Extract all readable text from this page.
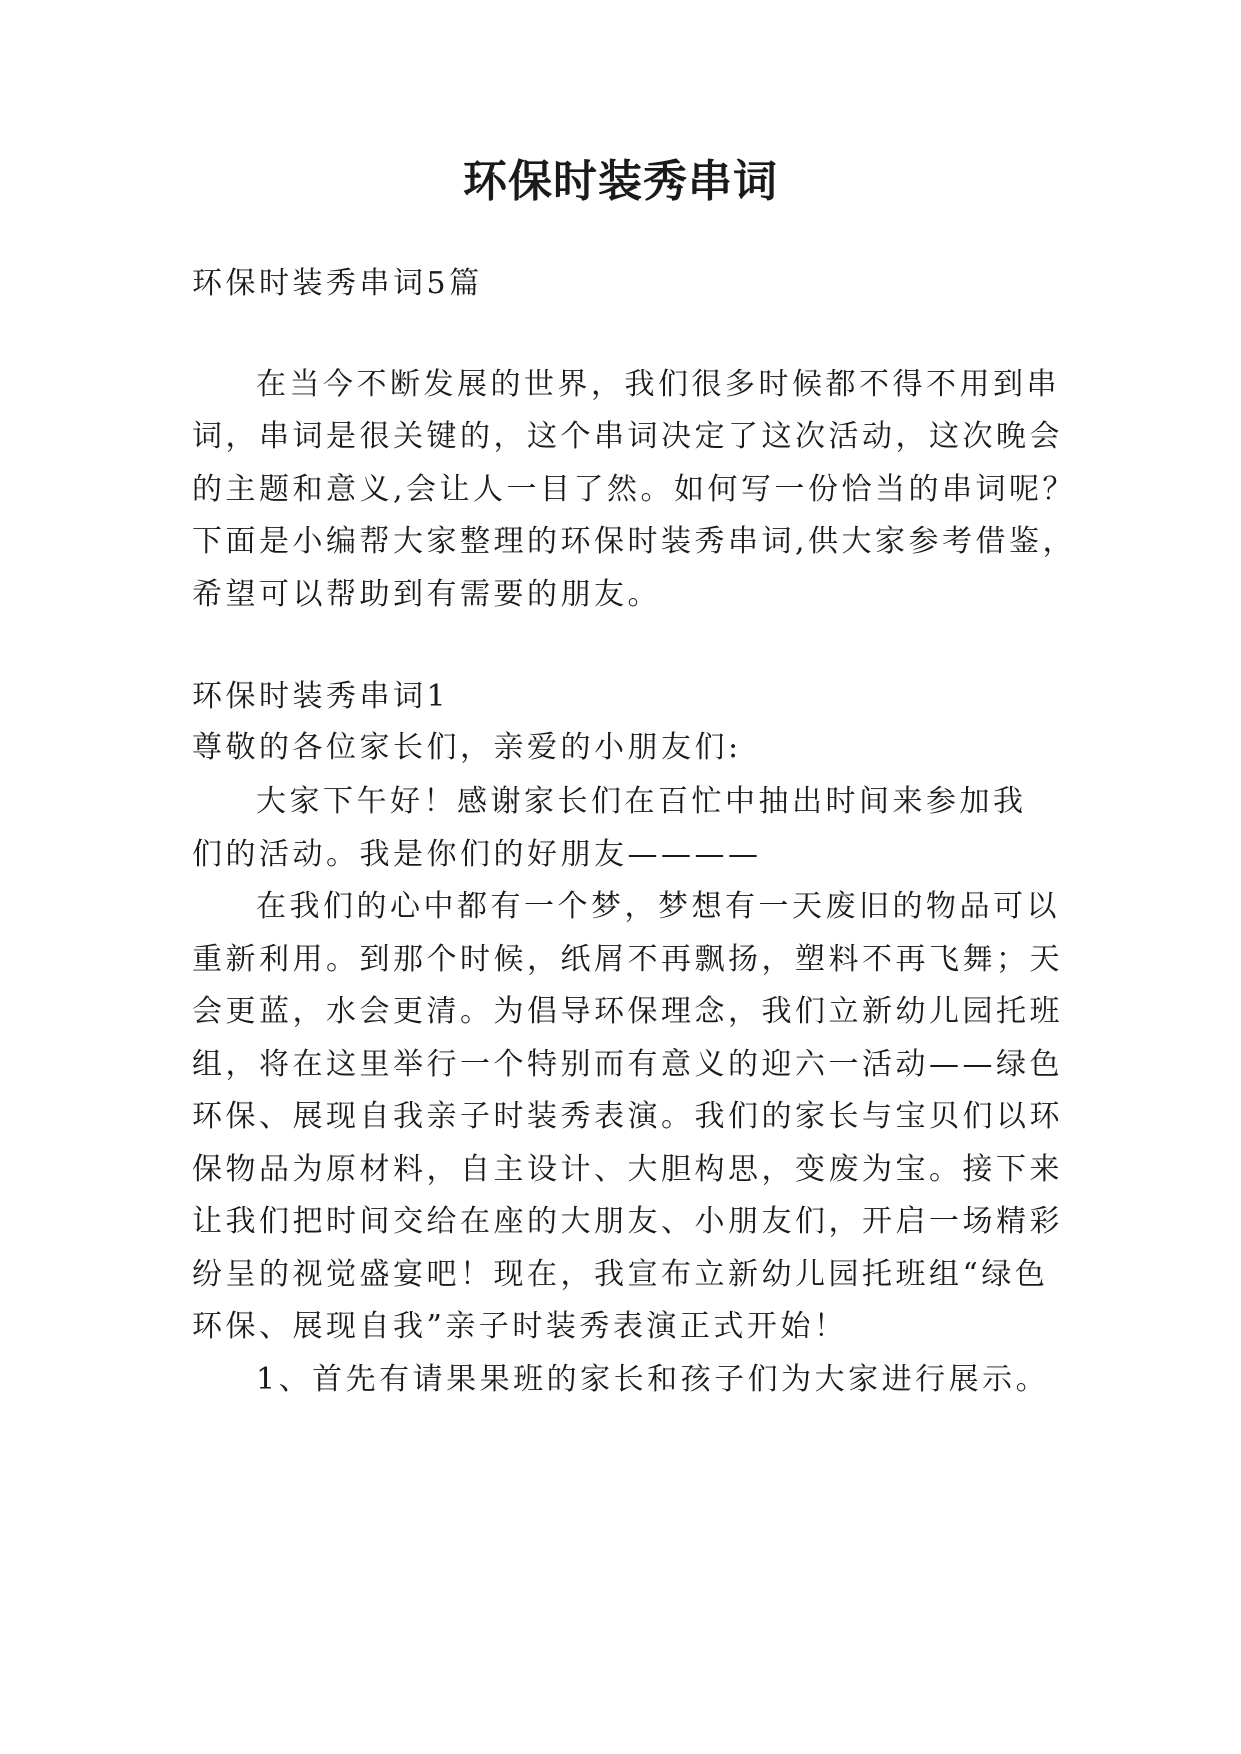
环保时装秀串词
环保时装秀串词5篇
在当今不断发展的世界，我们很多时候都不得不用到串
词，串词是很关键的，这个串词决定了这次活动，这次晚会
的主题和意义,会让人一目了然。如何写一份恰当的串词呢？
下面是小编帮大家整理的环保时装秀串词,供大家参考借鉴，
希望可以帮助到有需要的朋友。
环保时装秀串词1
尊敬的各位家长们，亲爱的小朋友们:
大家下午好！感谢家长们在百忙中抽出时间来参加我
们的活动。我是你们的好朋友————
在我们的心中都有一个梦，梦想有一天废旧的物品可以
重新利用。到那个时候，纸屑不再飘扬，塑料不再飞舞；天
会更蓝，水会更清。为倡导环保理念，我们立新幼儿园托班
组，将在这里举行一个特别而有意义的迎六一活动——绿色
环保、展现自我亲子时装秀表演。我们的家长与宝贝们以环
保物品为原材料，自主设计、大胆构思，变废为宝。接下来
让我们把时间交给在座的大朋友、小朋友们，开启一场精彩
纷呈的视觉盛宴吧！现在，我宣布立新幼儿园托班组“绿色
环保、展现自我”亲子时装秀表演正式开始！
1、首先有请果果班的家长和孩子们为大家进行展示。
